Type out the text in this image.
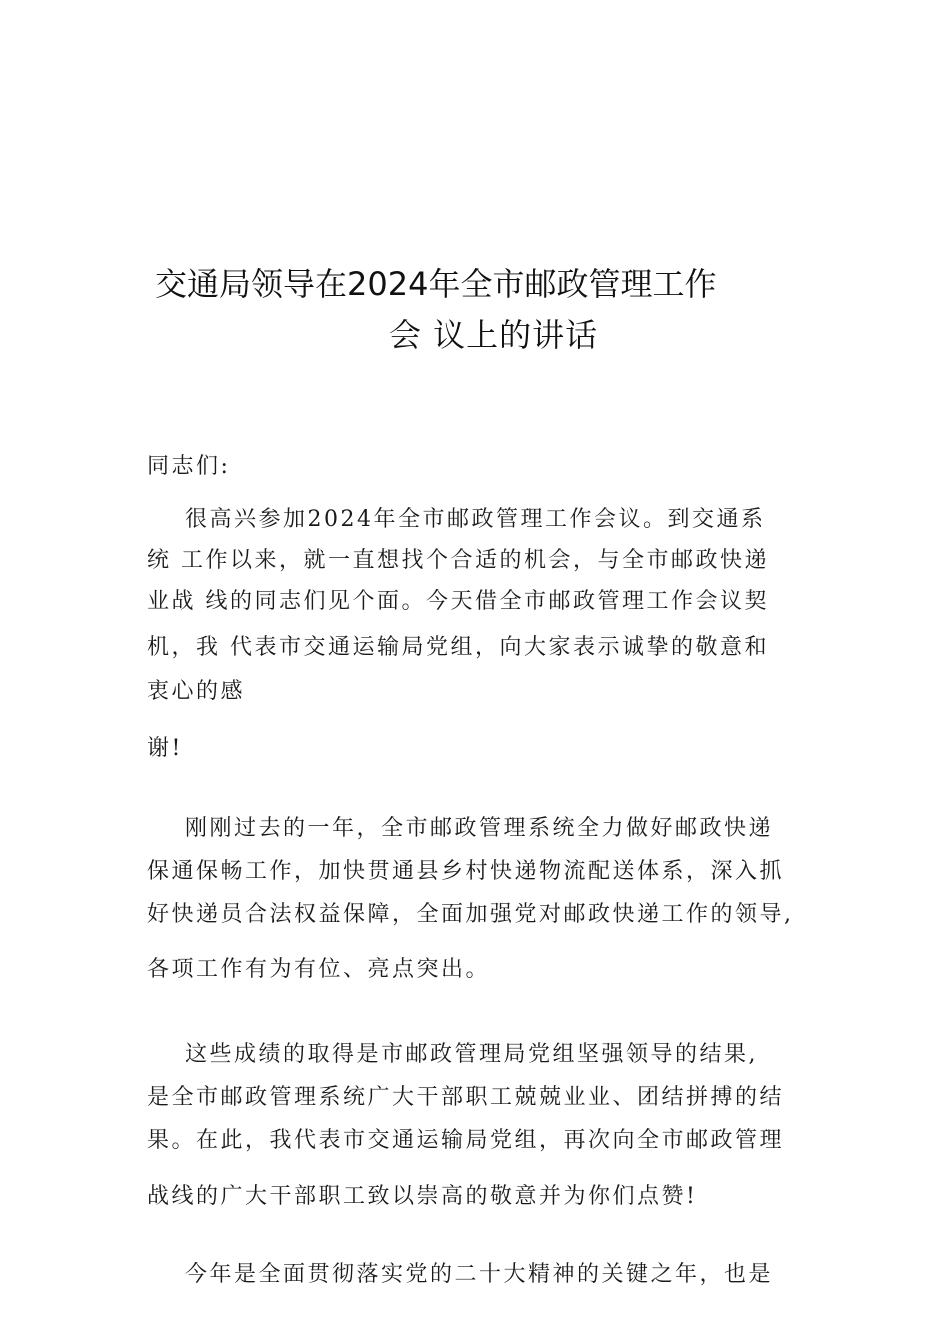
交通局领导在2024年全市邮政管理工作
会 议上的讲话
同志们:
很高兴参加2024年全市邮政管理工作会议。到交通系
统 工作以来，就一直想找个合适的机会，与全市邮政快递
业战 线的同志们见个面。今天借全市邮政管理工作会议契
机，我 代表市交通运输局党组，向大家表示诚挚的敬意和
衷心的感
谢!
刚刚过去的一年，全市邮政管理系统全力做好邮政快递
保通保畅工作，加快贯通县乡村快递物流配送体系，深入抓
好快递员合法权益保障，全面加强党对邮政快递工作的领导,
各项工作有为有位、亮点突出。
这些成绩的取得是市邮政管理局党组坚强领导的结果,
是全市邮政管理系统广大干部职工兢兢业业、团结拼搏的结
果。在此，我代表市交通运输局党组，再次向全市邮政管理
战线的广大干部职工致以崇高的敬意并为你们点赞!
今年是全面贯彻落实党的二十大精神的关键之年，也是
